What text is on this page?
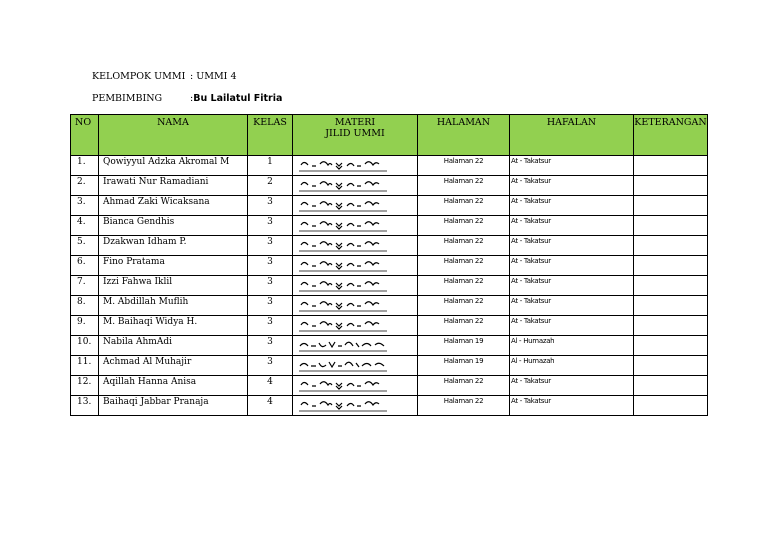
KELOMPOK UMMI : UMMI 4
PEMBIMBING	:Bu Lailatul Fitria
NO	NAMA	KELAS	MATERI
JILID UMMI	HALAMAN	HAFALAN	KETERANGAN
1.	Qowiyyul Adzka Akromal M	1		Halaman 22	At - Takatsur	
2.	Irawati Nur Ramadiani	2		Halaman 22	At - Takatsur	
3.	Ahmad Zaki Wicaksana	3		Halaman 22	At - Takatsur	
4.	Bianca Gendhis	3		Halaman 22	At - Takatsur	
5.	Dzakwan Idham P.	3		Halaman 22	At - Takatsur	
6.	Fino Pratama	3		Halaman 22	At - Takatsur	
7.	Izzi Fahwa Iklil	3		Halaman 22	At - Takatsur	
8.	M. Abdillah Muflih	3		Halaman 22	At - Takatsur	
9.	M. Baihaqi Widya H.	3		Halaman 22	At - Takatsur	
10.	Nabila AhmAdi	3		Halaman 19	Al - Humazah	
11.	Achmad Al Muhajir	3		Halaman 19	Al - Humazah	
12.	Aqillah Hanna Anisa	4		Halaman 22	At - Takatsur	
13.	Baihaqi Jabbar Pranaja	4		Halaman 22	At - Takatsur	
